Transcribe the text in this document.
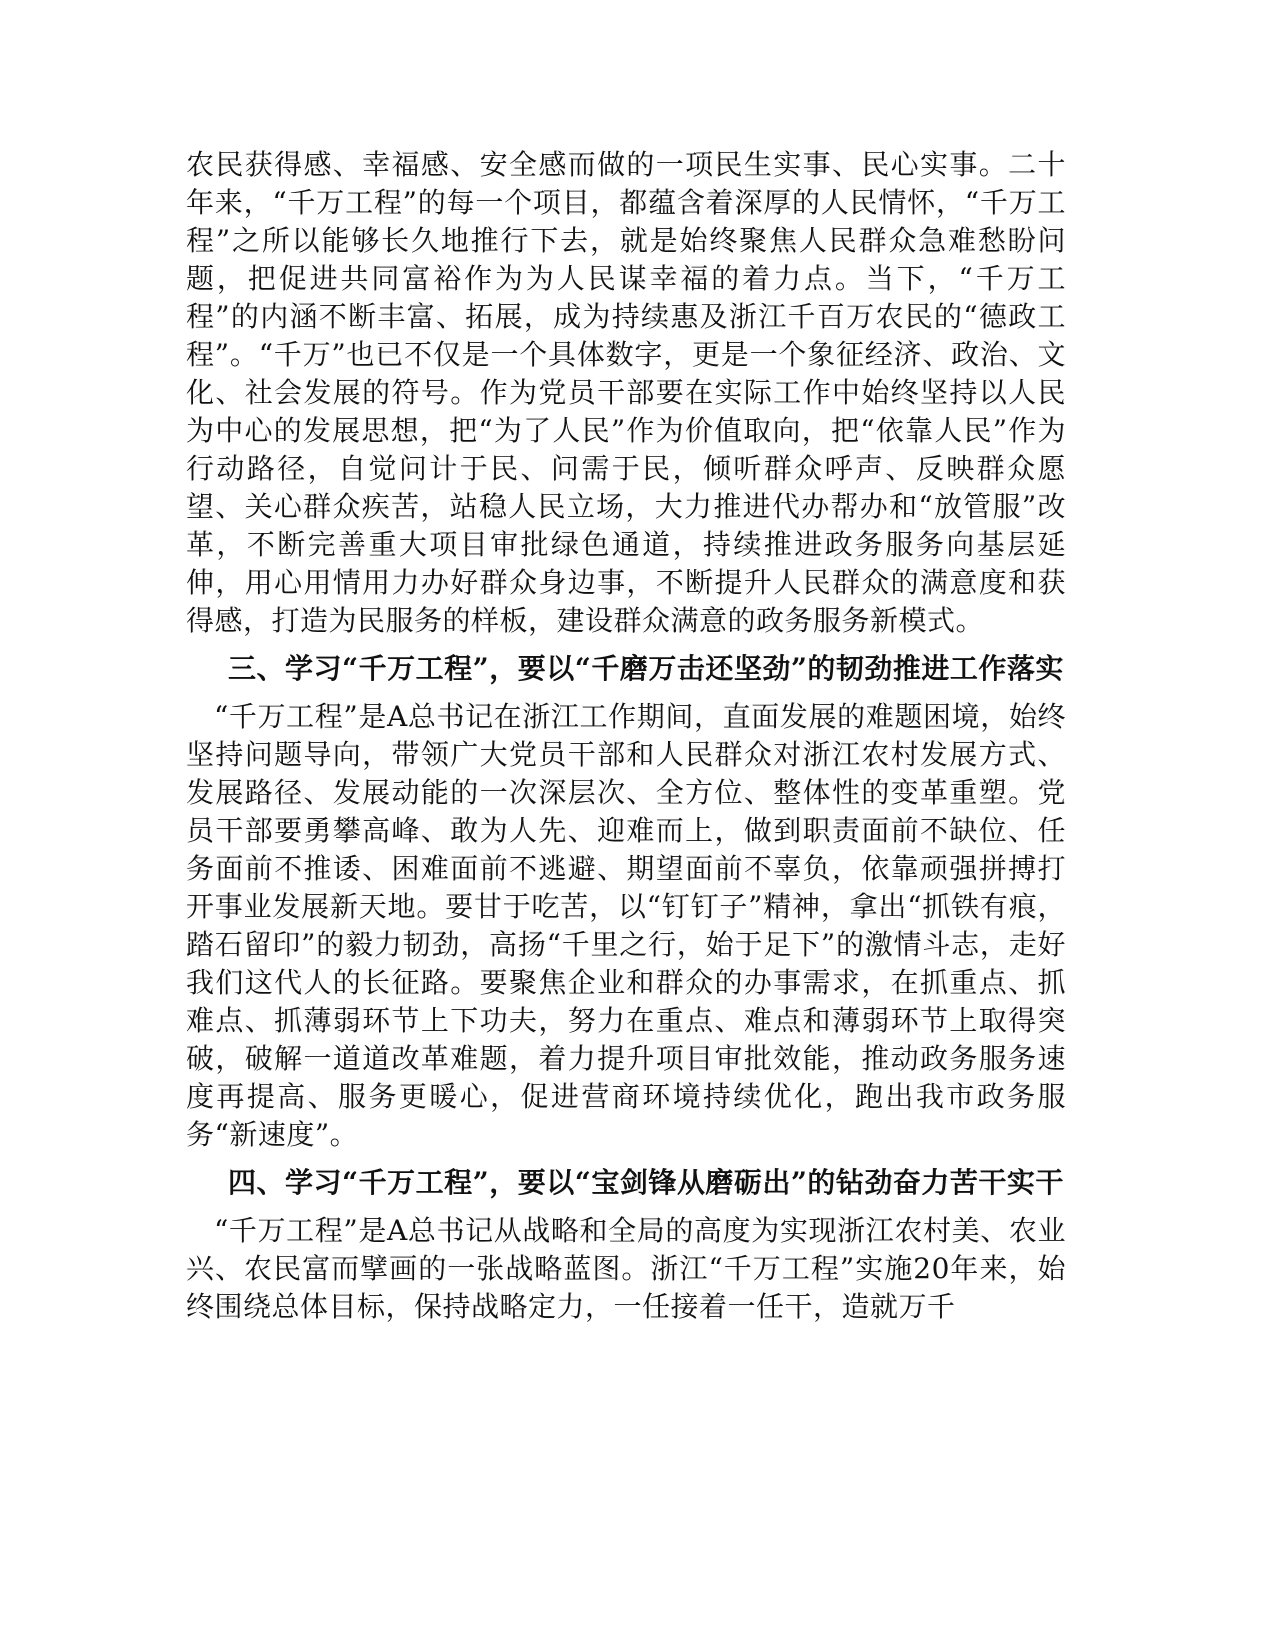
农民获得感、幸福感、安全感而做的一项民生实事、民心实事。二十年来，“千万工程”的每一个项目，都蕴含着深厚的人民情怀，“千万工程”之所以能够长久地推行下去，就是始终聚焦人民群众急难愁盼问题，把促进共同富裕作为为人民谋幸福的着力点。当下，“千万工程”的内涵不断丰富、拓展，成为持续惠及浙江千百万农民的“德政工程”。“千万”也已不仅是一个具体数字，更是一个象征经济、政治、文化、社会发展的符号。作为党员干部要在实际工作中始终坚持以人民为中心的发展思想，把“为了人民”作为价值取向，把“依靠人民”作为行动路径，自觉问计于民、问需于民，倾听群众呼声、反映群众愿望、关心群众疾苦，站稳人民立场，大力推进代办帮办和“放管服”改革，不断完善重大项目审批绿色通道，持续推进政务服务向基层延伸，用心用情用力办好群众身边事，不断提升人民群众的满意度和获得感，打造为民服务的样板，建设群众满意的政务服务新模式。

三、学习“千万工程”，要以“千磨万击还坚劲”的韧劲推进工作落实

“千万工程”是A总书记在浙江工作期间，直面发展的难题困境，始终坚持问题导向，带领广大党员干部和人民群众对浙江农村发展方式、发展路径、发展动能的一次深层次、全方位、整体性的变革重塑。党员干部要勇攀高峰、敢为人先、迎难而上，做到职责面前不缺位、任务面前不推诿、困难面前不逃避、期望面前不辜负，依靠顽强拼搏打开事业发展新天地。要甘于吃苦，以“钉钉子”精神，拿出“抓铁有痕，踏石留印”的毅力韧劲，高扬“千里之行，始于足下”的激情斗志，走好我们这代人的长征路。要聚焦企业和群众的办事需求，在抓重点、抓难点、抓薄弱环节上下功夫，努力在重点、难点和薄弱环节上取得突破，破解一道道改革难题，着力提升项目审批效能，推动政务服务速度再提高、服务更暖心，促进营商环境持续优化，跑出我市政务服务“新速度”。

四、学习“千万工程”，要以“宝剑锋从磨砺出”的钻劲奋力苦干实干

“千万工程”是A总书记从战略和全局的高度为实现浙江农村美、农业兴、农民富而擘画的一张战略蓝图。浙江“千万工程”实施20年来，始终围绕总体目标，保持战略定力，一任接着一任干，造就万千
